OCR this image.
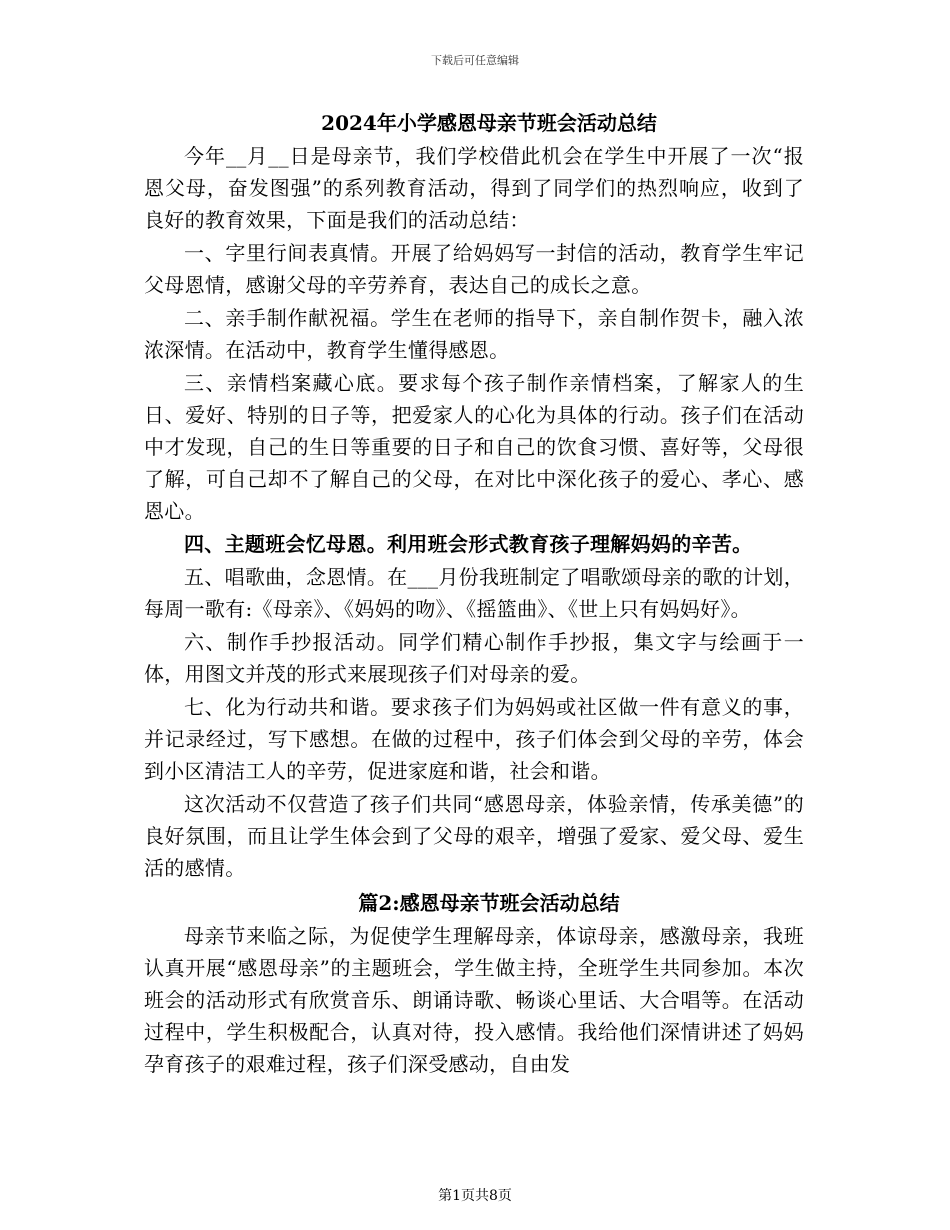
下载后可任意编辑
2024年小学感恩母亲节班会活动总结

今年__月__日是母亲节，我们学校借此机会在学生中开展了一次“报恩父母，奋发图强”的系列教育活动，得到了同学们的热烈响应，收到了良好的教育效果，下面是我们的活动总结：

一、字里行间表真情。开展了给妈妈写一封信的活动，教育学生牢记父母恩情，感谢父母的辛劳养育，表达自己的成长之意。

二、亲手制作献祝福。学生在老师的指导下，亲自制作贺卡，融入浓浓深情。在活动中，教育学生懂得感恩。

三、亲情档案藏心底。要求每个孩子制作亲情档案，了解家人的生日、爱好、特别的日子等，把爱家人的心化为具体的行动。孩子们在活动中才发现，自己的生日等重要的日子和自己的饮食习惯、喜好等，父母很了解，可自己却不了解自己的父母，在对比中深化孩子的爱心、孝心、感恩心。

四、主题班会忆母恩。利用班会形式教育孩子理解妈妈的辛苦。

五、唱歌曲，念恩情。在___月份我班制定了唱歌颂母亲的歌的计划，每周一歌有:《母亲》、《妈妈的吻》、《摇篮曲》、《世上只有妈妈好》。

六、制作手抄报活动。同学们精心制作手抄报，集文字与绘画于一体，用图文并茂的形式来展现孩子们对母亲的爱。

七、化为行动共和谐。要求孩子们为妈妈或社区做一件有意义的事，并记录经过，写下感想。在做的过程中，孩子们体会到父母的辛劳，体会到小区清洁工人的辛劳，促进家庭和谐，社会和谐。

这次活动不仅营造了孩子们共同“感恩母亲，体验亲情，传承美德”的良好氛围，而且让学生体会到了父母的艰辛，增强了爱家、爱父母、爱生活的感情。

篇2:感恩母亲节班会活动总结

母亲节来临之际，为促使学生理解母亲，体谅母亲，感激母亲，我班认真开展“感恩母亲”的主题班会，学生做主持，全班学生共同参加。本次班会的活动形式有欣赏音乐、朗诵诗歌、畅谈心里话、大合唱等。在活动过程中，学生积极配合，认真对待，投入感情。我给他们深情讲述了妈妈孕育孩子的艰难过程，孩子们深受感动，自由发

第1页共8页
